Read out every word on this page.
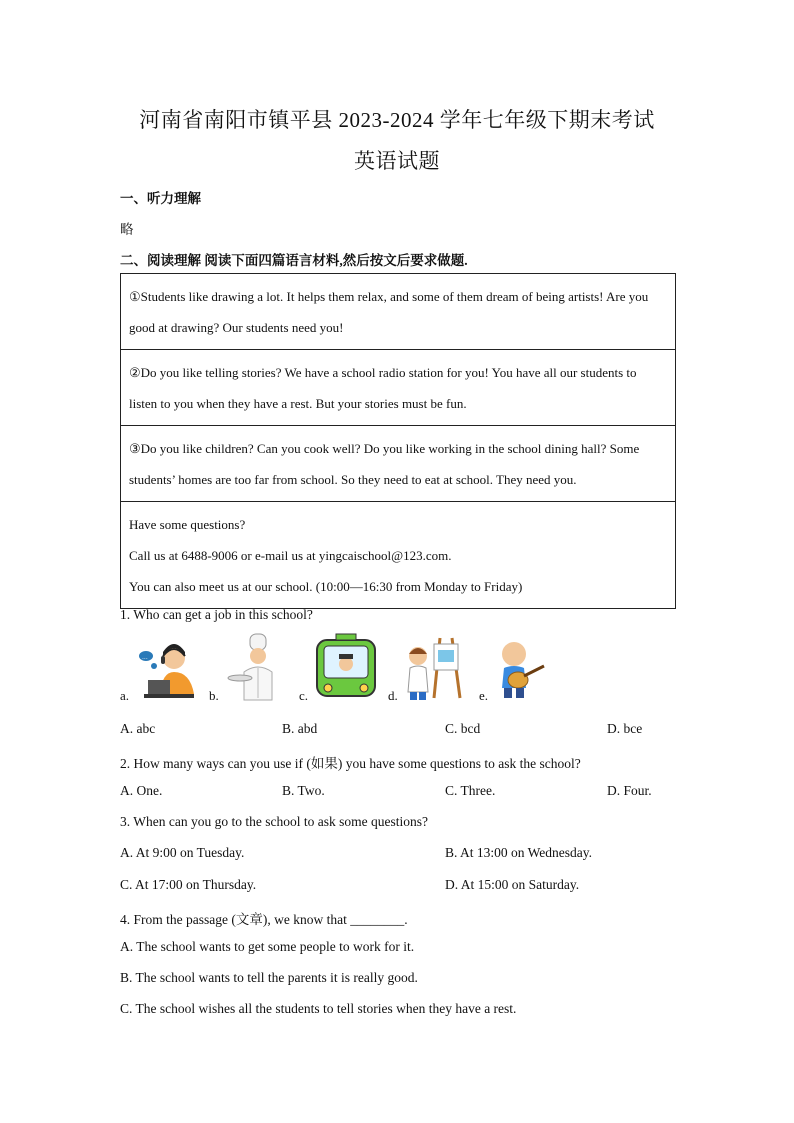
河南省南阳市镇平县 2023-2024 学年七年级下期末考试
英语试题
一、听力理解
略
二、阅读理解 阅读下面四篇语言材料,然后按文后要求做题.
①Students like drawing a lot. It helps them relax, and some of them dream of being artists! Are you good at drawing? Our students need you!
②Do you like telling stories? We have a school radio station for you! You have all our students to listen to you when they have a rest. But your stories must be fun.
③Do you like children? Can you cook well? Do you like working in the school dining hall? Some students’ homes are too far from school. So they need to eat at school. They need you.

Have some questions?
Call us at 6488-9006 or e-mail us at yingcaischool@123.com.
You can also meet us at our school. (10:00—16:30 from Monday to Friday)
1. Who can get a job in this school?
a.
...
b.	c.	d.	e.
A. abc	B. abd	C. bcd	D. bce
2. How many ways can you use if (如果) you have some questions to ask the school?
A. One.	B. Two.	C. Three.	D. Four.
3. When can you go to the school to ask some questions?
A. At 9:00 on Tuesday.	B. At 13:00 on Wednesday.
C. At 17:00 on Thursday.	D. At 15:00 on Saturday.
4. From the passage (文章), we know that ________.
A. The school wants to get some people to work for it.
B. The school wants to tell the parents it is really good.
C. The school wishes all the students to tell stories when they have a rest.
